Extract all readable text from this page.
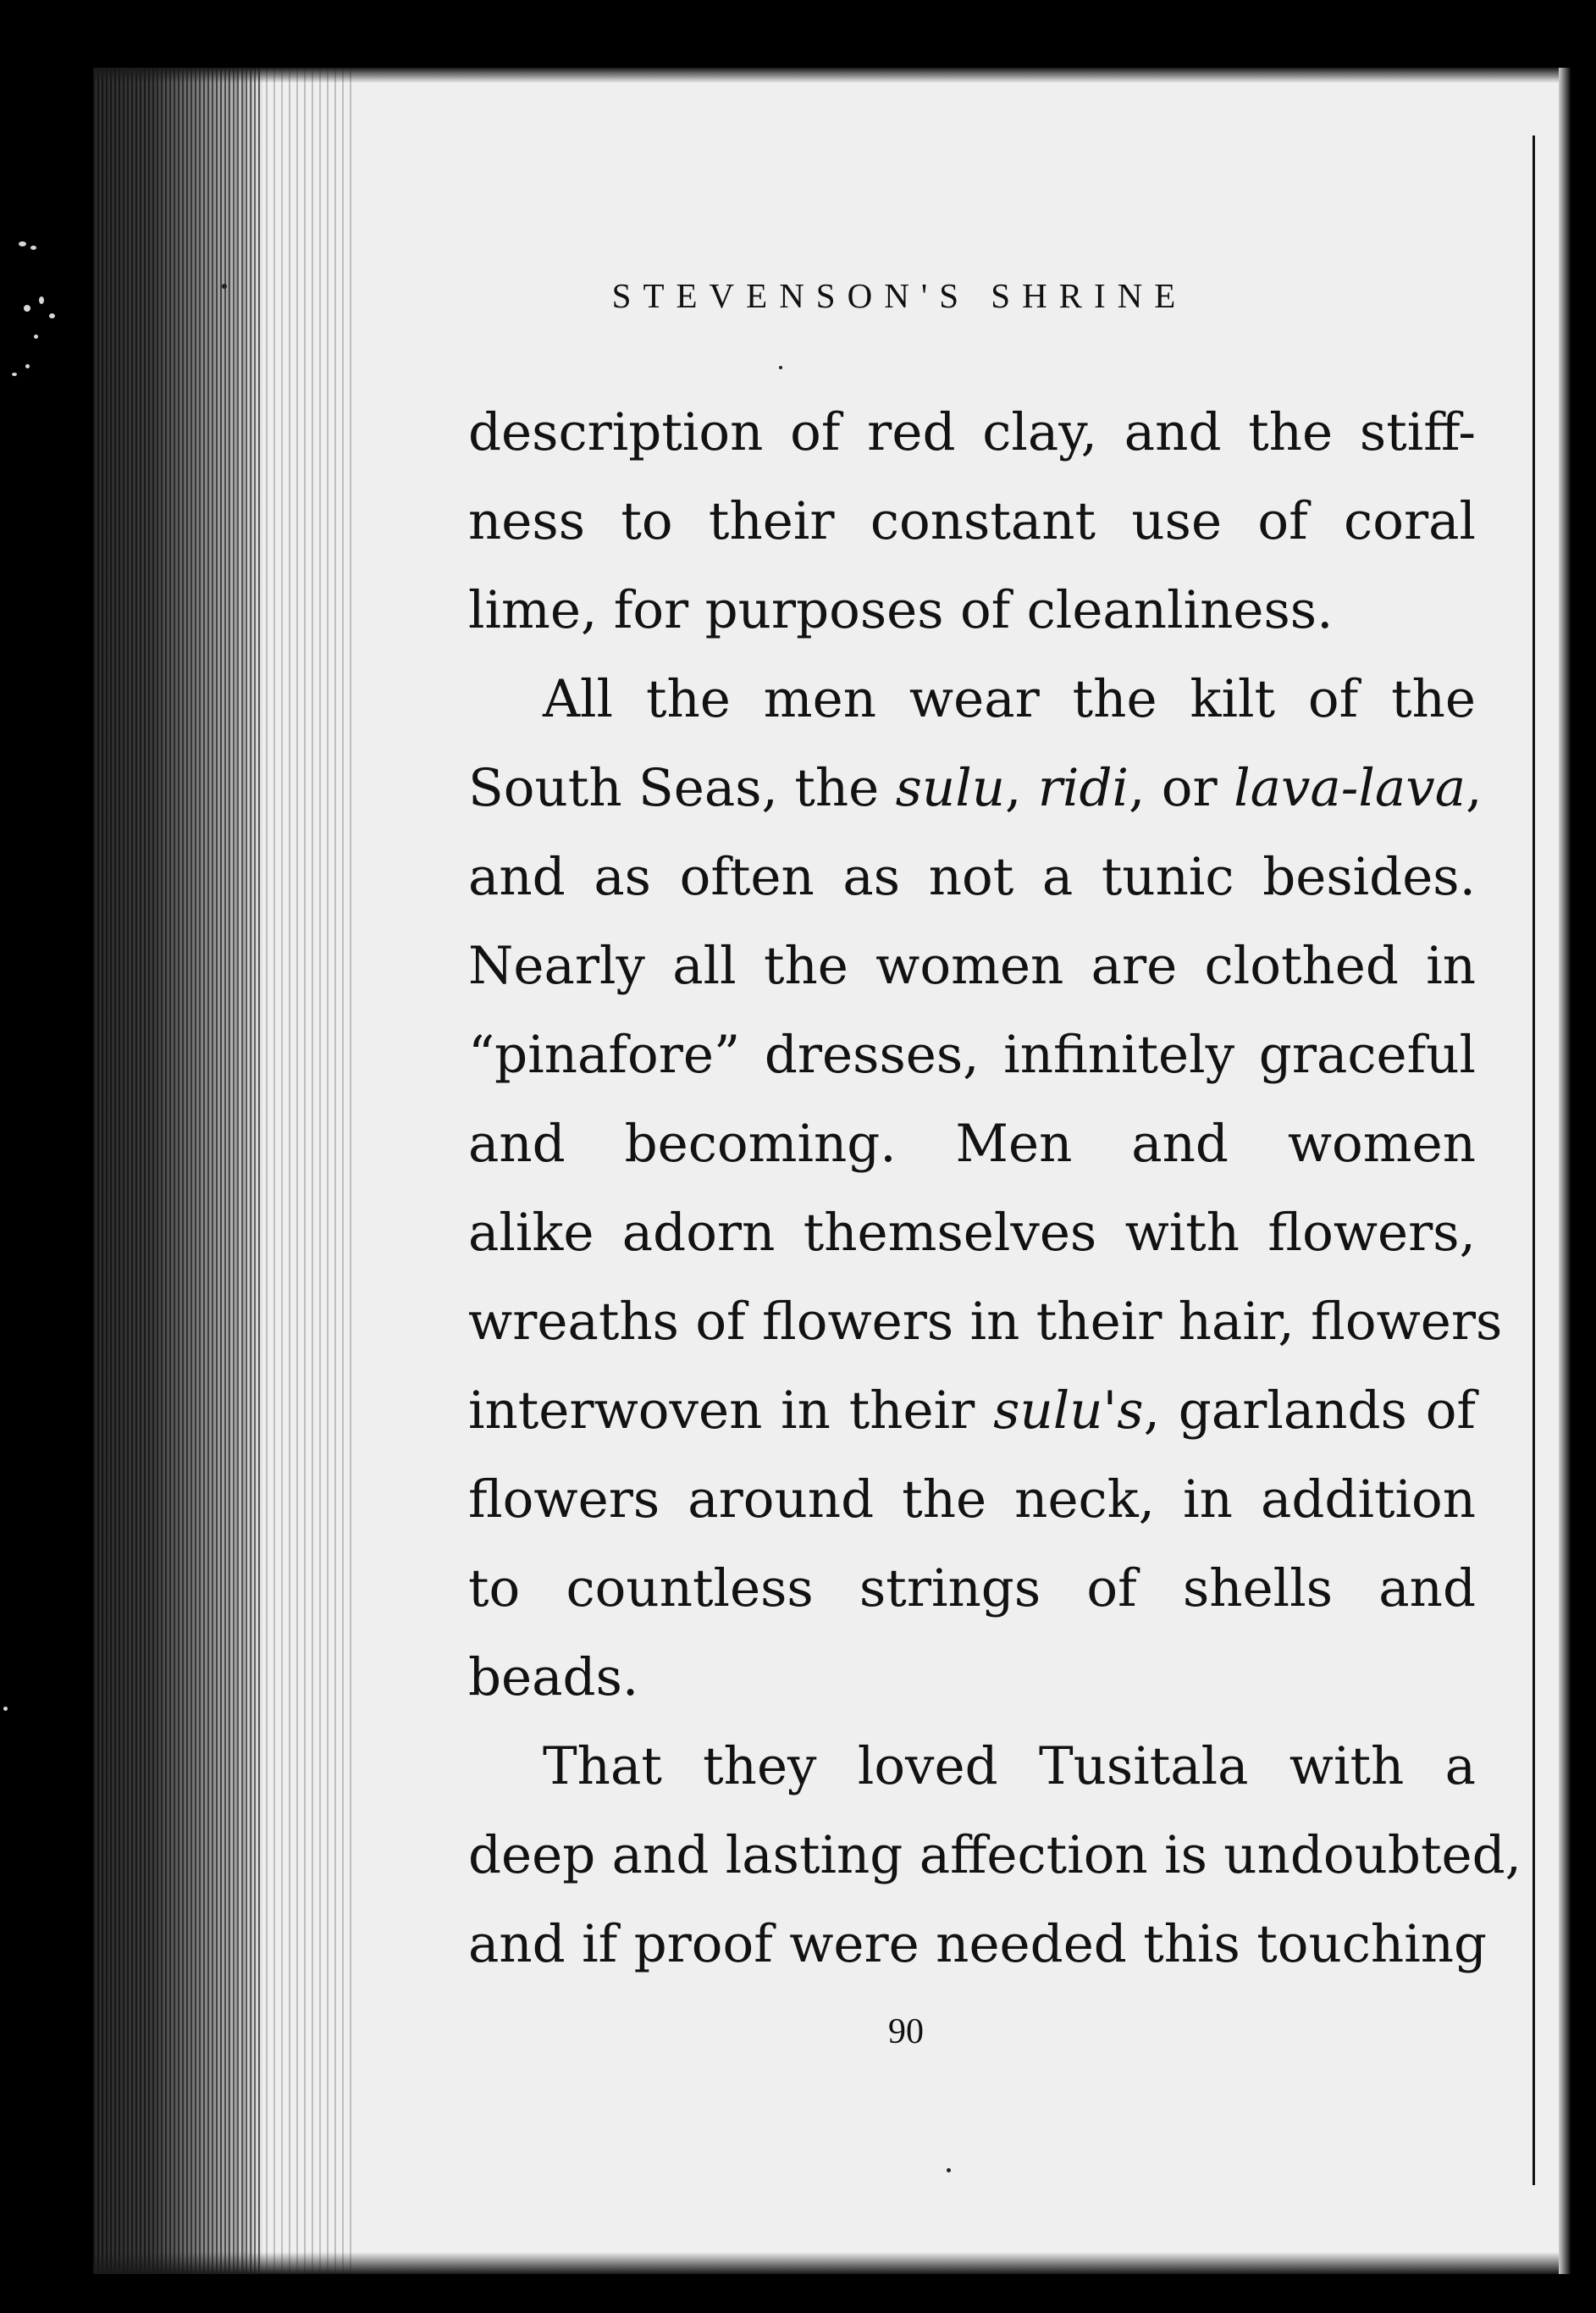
STEVENSON'S SHRINE
description of red clay, and the stiff-
ness to their constant use of coral
lime, for purposes of cleanliness.
All the men wear the kilt of the
South Seas, the sulu, ridi, or lava-lava,
and as often as not a tunic besides.
Nearly all the women are clothed in
“pinafore” dresses, infinitely graceful
and becoming. Men and women
alike adorn themselves with flowers,
wreaths of flowers in their hair, flowers
interwoven in their sulu's, garlands of
flowers around the neck, in addition
to countless strings of shells and
beads.
That they loved Tusitala with a
deep and lasting affection is undoubted,
and if proof were needed this touching
90
